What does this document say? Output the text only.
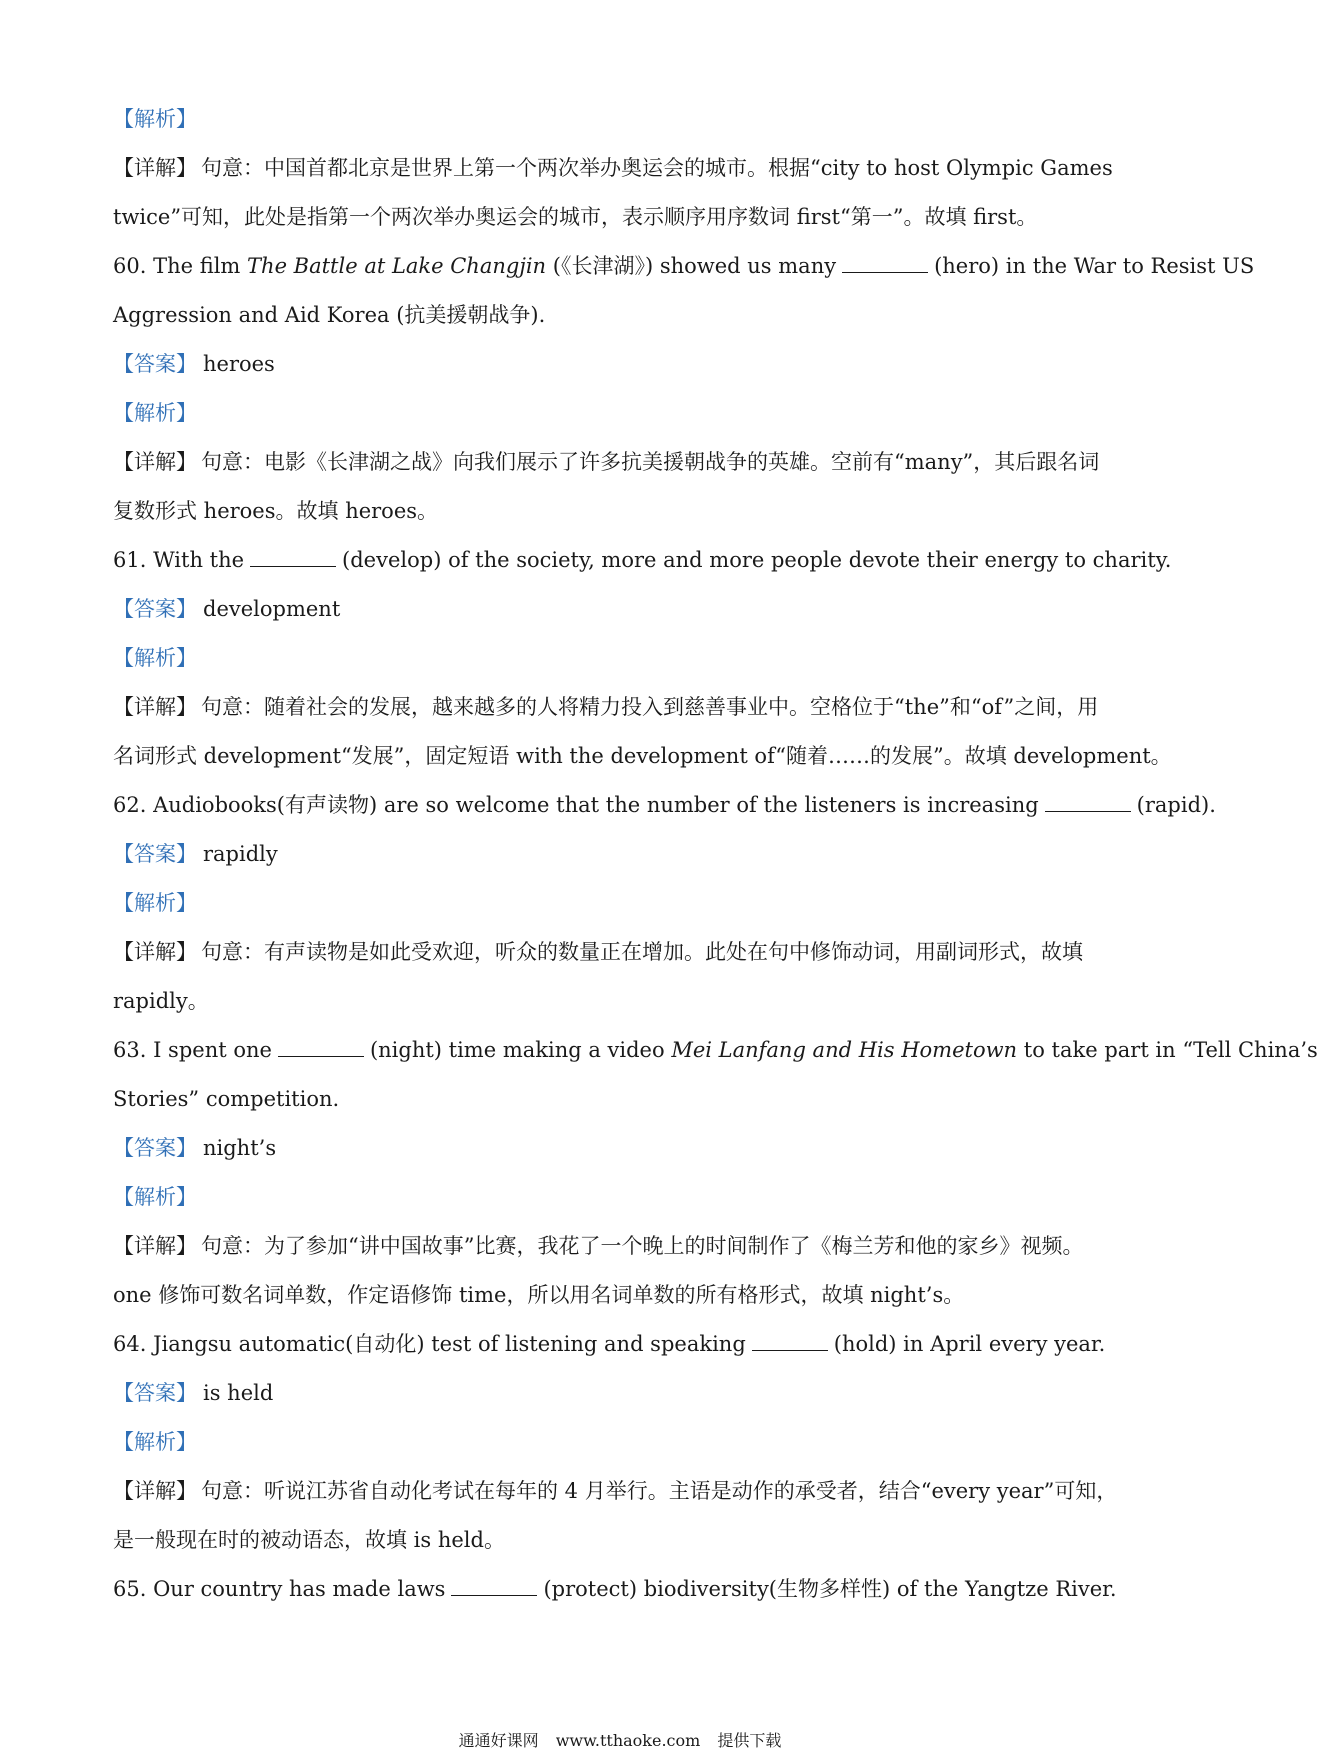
【解析】
【详解】 句意：中国首都北京是世界上第一个两次举办奥运会的城市。根据“city to host Olympic Games
twice”可知，此处是指第一个两次举办奥运会的城市，表示顺序用序数词 first“第一”。故填 first。
60. The film The Battle at Lake Changjin (《长津湖》) showed us many	(hero) in the War to Resist US
Aggression and Aid Korea (抗美援朝战争).
【答案】 heroes
【解析】
【详解】 句意：电影《长津湖之战》向我们展示了许多抗美援朝战争的英雄。空前有“many”，其后跟名词
复数形式 heroes。故填 heroes。
61. With the	(develop) of the society, more and more people devote their energy to charity.
【答案】 development
【解析】
【详解】 句意：随着社会的发展，越来越多的人将精力投入到慈善事业中。空格位于“the”和“of”之间，用
名词形式 development“发展”，固定短语 with the development of“随着……的发展”。故填 development。
62. Audiobooks(有声读物) are so welcome that the number of the listeners is increasing	(rapid).
【答案】 rapidly
【解析】
【详解】 句意：有声读物是如此受欢迎，听众的数量正在增加。此处在句中修饰动词，用副词形式，故填
rapidly。
63. I spent one	(night) time making a video Mei Lanfang and His Hometown to take part in “Tell China’s
Stories” competition.
【答案】 night’s
【解析】
【详解】 句意：为了参加“讲中国故事”比赛，我花了一个晚上的时间制作了《梅兰芳和他的家乡》视频。
one 修饰可数名词单数，作定语修饰 time，所以用名词单数的所有格形式，故填 night’s。
64. Jiangsu automatic(自动化) test of listening and speaking	(hold) in April every year.
【答案】 is held
【解析】
【详解】 句意：听说江苏省自动化考试在每年的 4 月举行。主语是动作的承受者，结合“every year”可知，
是一般现在时的被动语态，故填 is held。
65. Our country has made laws	(protect) biodiversity(生物多样性) of the Yangtze River.
通通好课网 www.tthaoke.com 提供下载
